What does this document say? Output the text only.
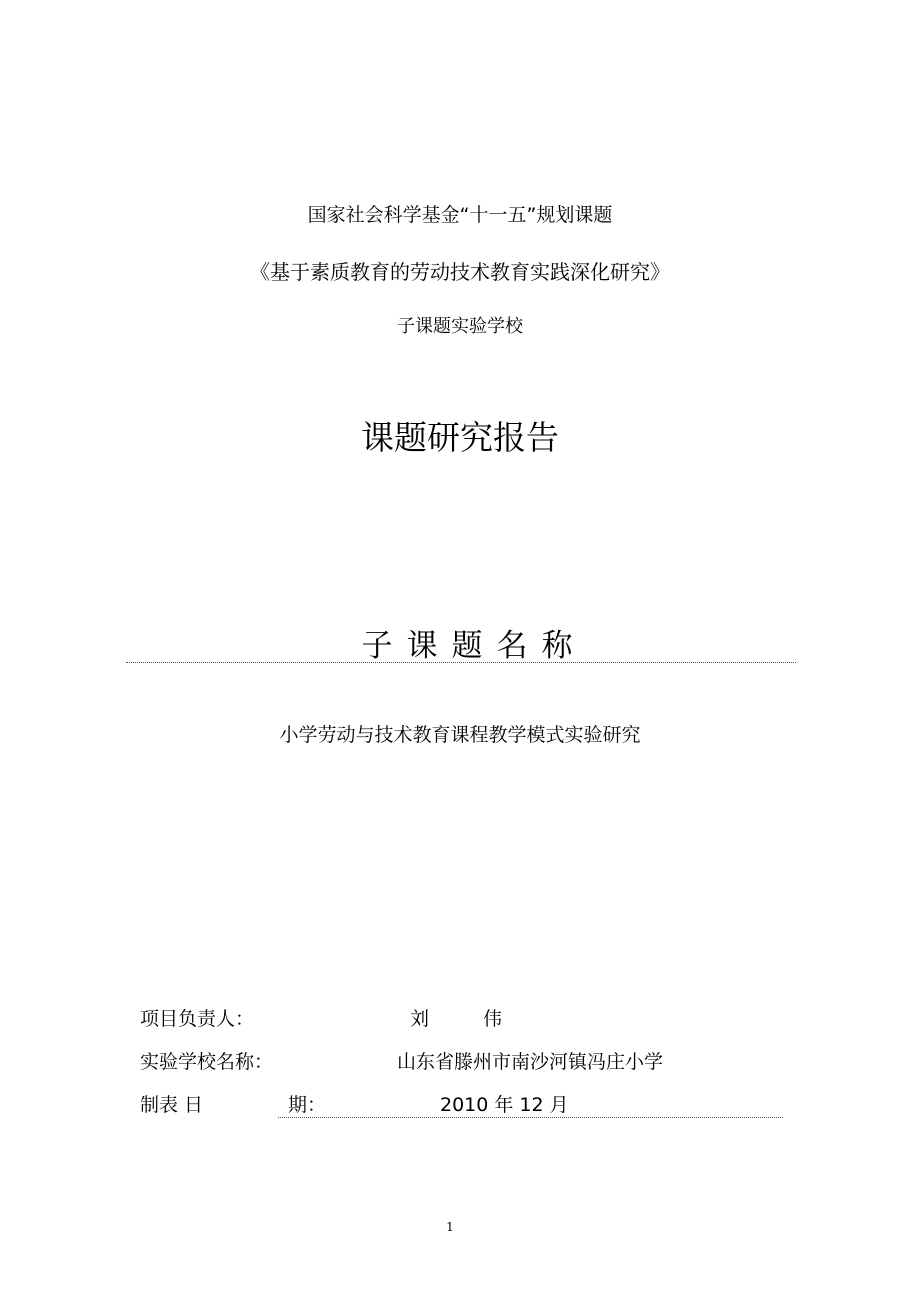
国家社会科学基金“十一五”规划课题
《基于素质教育的劳动技术教育实践深化研究》
子课题实验学校
课题研究报告
子课题名称
小学劳动与技术教育课程教学模式实验研究
项目负责人：	刘	伟
实验学校名称：	山东省滕州市南沙河镇冯庄小学
制表 日	期：	2010 年 12 月
1
